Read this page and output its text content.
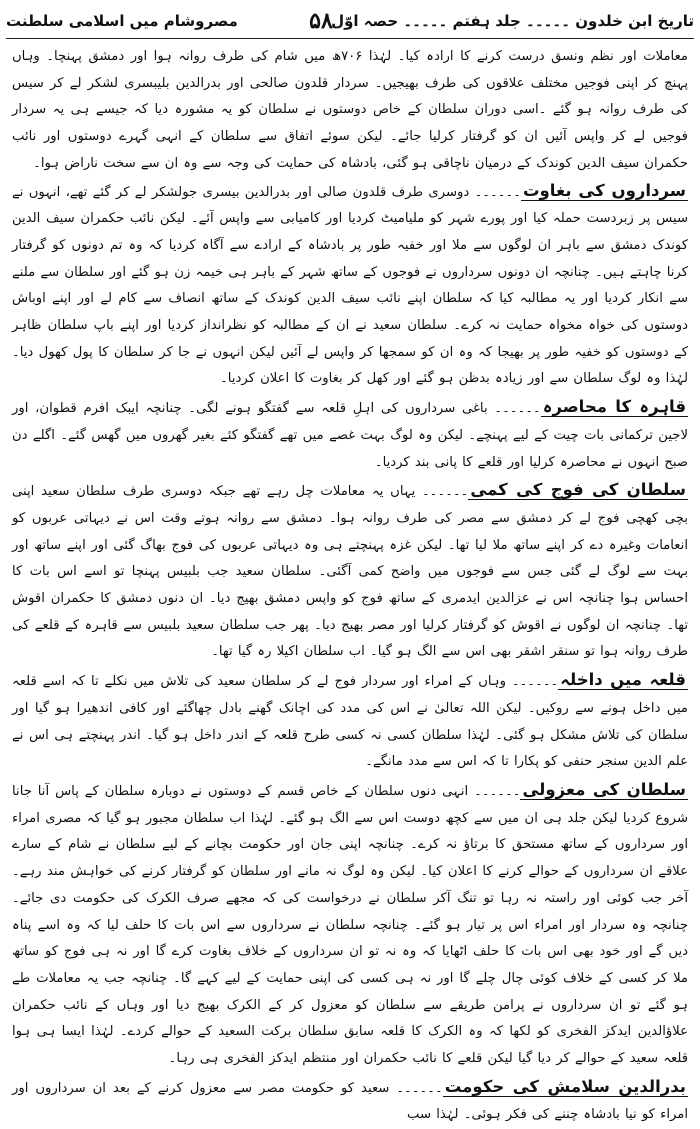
تاریخ ابن خلدون ۔۔۔۔۔ جلد ہفتم ۔۔۔۔۔ حصہ اوّل
۵۸
مصروشام میں اسلامی سلطنت

معاملات اور نظم ونسق درست کرنے کا ارادہ کیا۔ لہٰذا ۷۰۶ھ میں شام کی طرف روانہ ہوا اور دمشق پہنچا۔ وہاں پہنچ کر اپنی فوجیں مختلف علاقوں کی طرف بھیجیں۔ سردار قلدون صالحی اور بدرالدین بلیبسری لشکر لے کر سیس کی طرف روانہ ہو گئے ۔اسی دوران سلطان کے خاص دوستوں نے سلطان کو یہ مشورہ دیا کہ جیسے ہی یہ سردار فوجیں لے کر واپس آئیں ان کو گرفتار کرلیا جائے۔ لیکن سوئے اتفاق سے سلطان کے انہی گہرے دوستوں اور نائب حکمران سیف الدین کوندک کے درمیان ناچاقی ہو گئی، بادشاہ کی حمایت کی وجہ سے وہ ان سے سخت ناراض ہوا۔

سرداروں کی بغاوت۔۔۔۔۔۔ دوسری طرف قلدون صالی اور بدرالدین بیسری جولشکر لے کر گئے تھے، انہوں نے سیس پر زبردست حملہ کیا اور پورے شہر کو ملیامیٹ کردیا اور کامیابی سے واپس آئے۔ لیکن نائب حکمران سیف الدین کوندک دمشق سے باہر ان لوگوں سے ملا اور خفیہ طور پر بادشاہ کے ارادے سے آگاہ کردیا کہ وہ تم دونوں کو گرفتار کرنا چاہتے ہیں۔ چنانچہ ان دونوں سرداروں نے فوجوں کے ساتھ شہر کے باہر ہی خیمہ زن ہو گئے اور سلطان سے ملنے سے انکار کردیا اور یہ مطالبہ کیا کہ سلطان اپنے نائب سیف الدین کوندک کے ساتھ انصاف سے کام لے اور اپنے اوباش دوستوں کی خواہ مخواہ حمایت نہ کرے۔ سلطان سعید نے ان کے مطالبہ کو نظرانداز کردیا اور اپنے باپ سلطان ظاہر کے دوستوں کو خفیہ طور پر بھیجا کہ وہ ان کو سمجھا کر واپس لے آئیں لیکن انہوں نے جا کر سلطان کا پول کھول دیا۔ لہٰذا وہ لوگ سلطان سے اور زیادہ بدظن ہو گئے اور کھل کر بغاوت کا اعلان کردیا۔

قاہرہ کا محاصرہ۔۔۔۔۔۔ باغی سرداروں کی اہلِ قلعہ سے گفتگو ہونے لگی۔ چنانچہ ایبک افرم قطوان، اور لاجین ترکمانی بات چیت کے لیے پہنچے۔ لیکن وہ لوگ بہت غصے میں تھے گفتگو کئے بغیر گھروں میں گھس گئے۔ اگلے دن صبح انہوں نے محاصرہ کرلیا اور قلعے کا پانی بند کردیا۔

سلطان کی فوج کی کمی۔۔۔۔۔۔ یہاں یہ معاملات چل رہے تھے جبکہ دوسری طرف سلطان سعید اپنی بچی کھچی فوج لے کر دمشق سے مصر کی طرف روانہ ہوا۔ دمشق سے روانہ ہوتے وقت اس نے دیہاتی عربوں کو انعامات وغیرہ دے کر اپنے ساتھ ملا لیا تھا۔ لیکن غزہ پہنچتے ہی وہ دیہاتی عربوں کی فوج بھاگ گئی اور اپنے ساتھ اور بہت سے لوگ لے گئی جس سے فوجوں میں واضح کمی آگئی۔ سلطان سعید جب بلبیس پہنچا تو اسے اس بات کا احساس ہوا چنانچہ اس نے عزالدین ایدمری کے ساتھ فوج کو واپس دمشق بھیج دیا۔ ان دنوں دمشق کا حکمران اقوش تھا۔ چنانچہ ان لوگوں نے اقوش کو گرفتار کرلیا اور مصر بھیج دیا۔ پھر جب سلطان سعید بلبیس سے قاہرہ کے قلعے کی طرف روانہ ہوا تو سنقر اشقر بھی اس سے الگ ہو گیا۔ اب سلطان اکیلا رہ گیا تھا۔

قلعہ میں داخلہ۔۔۔۔۔۔ وہاں کے امراء اور سردار فوج لے کر سلطان سعید کی تلاش میں نکلے تا کہ اسے قلعہ میں داخل ہونے سے روکیں۔ لیکن اللہ تعالیٰ نے اس کی مدد کی اچانک گھنے بادل چھاگئے اور کافی اندھیرا ہو گیا اور سلطان کی تلاش مشکل ہو گئی۔ لہٰذا سلطان کسی نہ کسی طرح قلعہ کے اندر داخل ہو گیا۔ اندر پہنچتے ہی اس نے علم الدین سنجر حنفی کو پکارا تا کہ اس سے مدد مانگے۔

سلطان کی معزولی۔۔۔۔۔۔ انہی دنوں سلطان کے خاص قسم کے دوستوں نے دوبارہ سلطان کے پاس آنا جانا شروع کردیا لیکن جلد ہی ان میں سے کچھ دوست اس سے الگ ہو گئے۔ لہٰذا اب سلطان مجبور ہو گیا کہ مصری امراء اور سرداروں کے ساتھ مستحق کا برتاؤ نہ کرے۔ چنانچہ اپنی جان اور حکومت بچانے کے لیے سلطان نے شام کے سارے علاقے ان سرداروں کے حوالے کرنے کا اعلان کیا۔ لیکن وہ لوگ نہ مانے اور سلطان کو گرفتار کرنے کی خواہش مند رہے۔ آخر جب کوئی اور راستہ نہ رہا تو تنگ آکر سلطان نے درخواست کی کہ مجھے صرف الکرک کی حکومت دی جائے۔ چنانچہ وہ سردار اور امراء اس پر تیار ہو گئے۔ چنانچہ سلطان نے سرداروں سے اس بات کا حلف لیا کہ وہ اسے پناہ دیں گے اور خود بھی اس بات کا حلف اٹھایا کہ وہ نہ تو ان سرداروں کے خلاف بغاوت کرے گا اور نہ ہی فوج کو ساتھ ملا کر کسی کے خلاف کوئی چال چلے گا اور نہ ہی کسی کی اپنی حمایت کے لیے کہے گا۔ چنانچہ جب یہ معاملات طے ہو گئے تو ان سرداروں نے پرامن طریقے سے سلطان کو معزول کر کے الکرک بھیج دیا اور وہاں کے نائب حکمران علاؤالدین ایدکز الفخری کو لکھا کہ وہ الکرک کا قلعہ سابق سلطان برکت السعید کے حوالے کردے۔ لہٰذا ایسا ہی ہوا قلعہ سعید کے حوالے کر دیا گیا لیکن قلعے کا نائب حکمران اور منتظم ایدکز الفخری ہی رہا۔

بدرالدین سلامش کی حکومت۔۔۔۔۔۔ سعید کو حکومت مصر سے معزول کرنے کے بعد ان سرداروں اور امراء کو نیا بادشاہ چننے کی فکر ہوئی۔ لہٰذا سب
